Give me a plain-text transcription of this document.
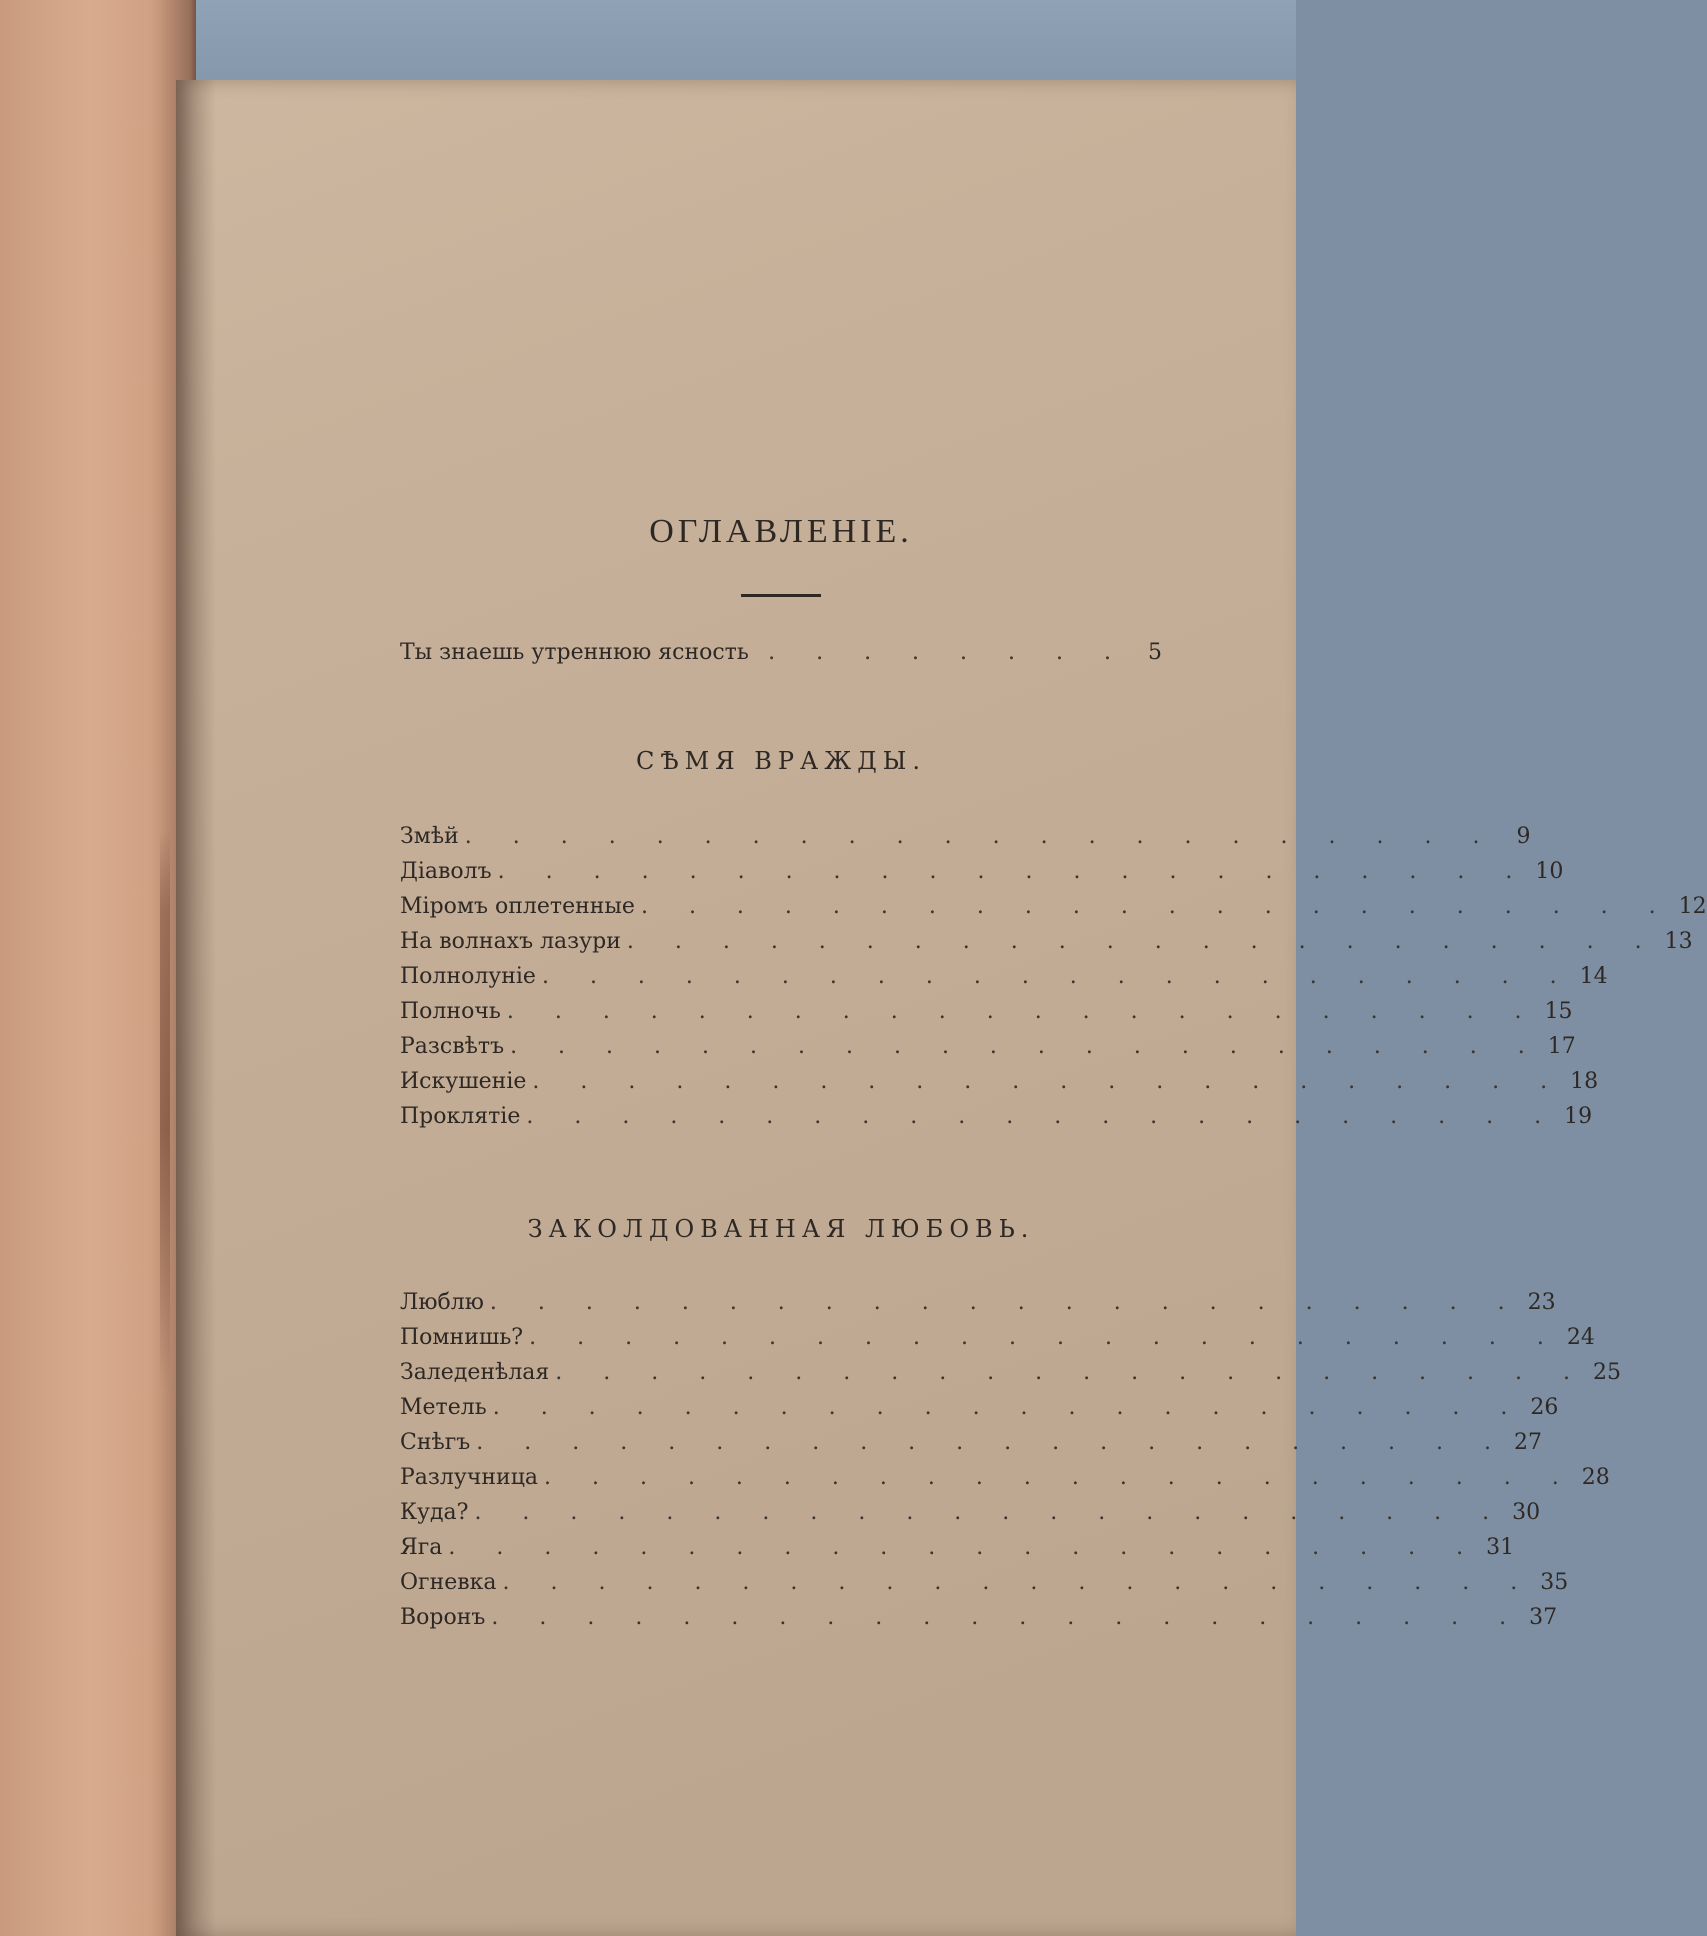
ОГЛАВЛЕНІЕ.
Ты знаешь утреннюю ясность . . . . . . . . 5
СѢМЯ ВРАЖДЫ.
Змѣй . . . . . . . . . . . . . . . . . . . . . . 9
Діаволъ . . . . . . . . . . . . . . . . . . . . . . 10
Міромъ оплетенные . . . . . . . . . . . . . . . . . . . . . . 12
На волнахъ лазури . . . . . . . . . . . . . . . . . . . . . . 13
Полнолуніе . . . . . . . . . . . . . . . . . . . . . . 14
Полночь . . . . . . . . . . . . . . . . . . . . . . 15
Разсвѣтъ . . . . . . . . . . . . . . . . . . . . . . 17
Искушеніе . . . . . . . . . . . . . . . . . . . . . . 18
Проклятіе . . . . . . . . . . . . . . . . . . . . . . 19
ЗАКОЛДОВАННАЯ ЛЮБОВЬ.
Люблю . . . . . . . . . . . . . . . . . . . . . . 23
Помнишь? . . . . . . . . . . . . . . . . . . . . . . 24
Заледенѣлая . . . . . . . . . . . . . . . . . . . . . . 25
Метель . . . . . . . . . . . . . . . . . . . . . . 26
Снѣгъ . . . . . . . . . . . . . . . . . . . . . . 27
Разлучница . . . . . . . . . . . . . . . . . . . . . . 28
Куда? . . . . . . . . . . . . . . . . . . . . . . 30
Яга . . . . . . . . . . . . . . . . . . . . . . 31
Огневка . . . . . . . . . . . . . . . . . . . . . . 35
Воронъ . . . . . . . . . . . . . . . . . . . . . . 37
